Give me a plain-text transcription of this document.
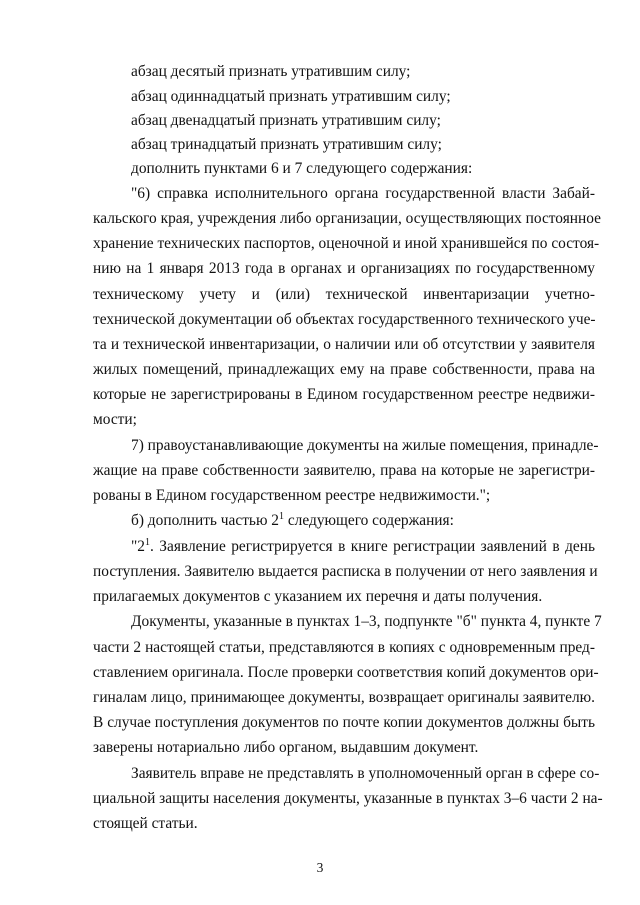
абзац десятый признать утратившим силу;
абзац одиннадцатый признать утратившим силу;
абзац двенадцатый признать утратившим силу;
абзац тринадцатый признать утратившим силу;
дополнить пунктами 6 и 7 следующего содержания:
"6) справка исполнительного органа государственной власти Забай-
кальского края, учреждения либо организации, осуществляющих постоянное
хранение технических паспортов, оценочной и иной хранившейся по состоя-
нию на 1 января 2013 года в органах и организациях по государственному
техническому учету и (или) технической инвентаризации учетно-
технической документации об объектах государственного технического уче-
та и технической инвентаризации, о наличии или об отсутствии у заявителя
жилых помещений, принадлежащих ему на праве собственности, права на
которые не зарегистрированы в Едином государственном реестре недвижи-
мости;
7) правоустанавливающие документы на жилые помещения, принадле-
жащие на праве собственности заявителю, права на которые не зарегистри-
рованы в Едином государственном реестре недвижимости.";
б) дополнить частью $2^1$ следующего содержания:
"$2^1$. Заявление регистрируется в книге регистрации заявлений в день
поступления. Заявителю выдается расписка в получении от него заявления и
прилагаемых документов с указанием их перечня и даты получения.
Документы, указанные в пунктах 1–3, подпункте "б" пункта 4, пункте 7
части 2 настоящей статьи, представляются в копиях с одновременным пред-
ставлением оригинала. После проверки соответствия копий документов ори-
гиналам лицо, принимающее документы, возвращает оригиналы заявителю.
В случае поступления документов по почте копии документов должны быть
заверены нотариально либо органом, выдавшим документ.
Заявитель вправе не представлять в уполномоченный орган в сфере со-
циальной защиты населения документы, указанные в пунктах 3–6 части 2 на-
стоящей статьи.
3
